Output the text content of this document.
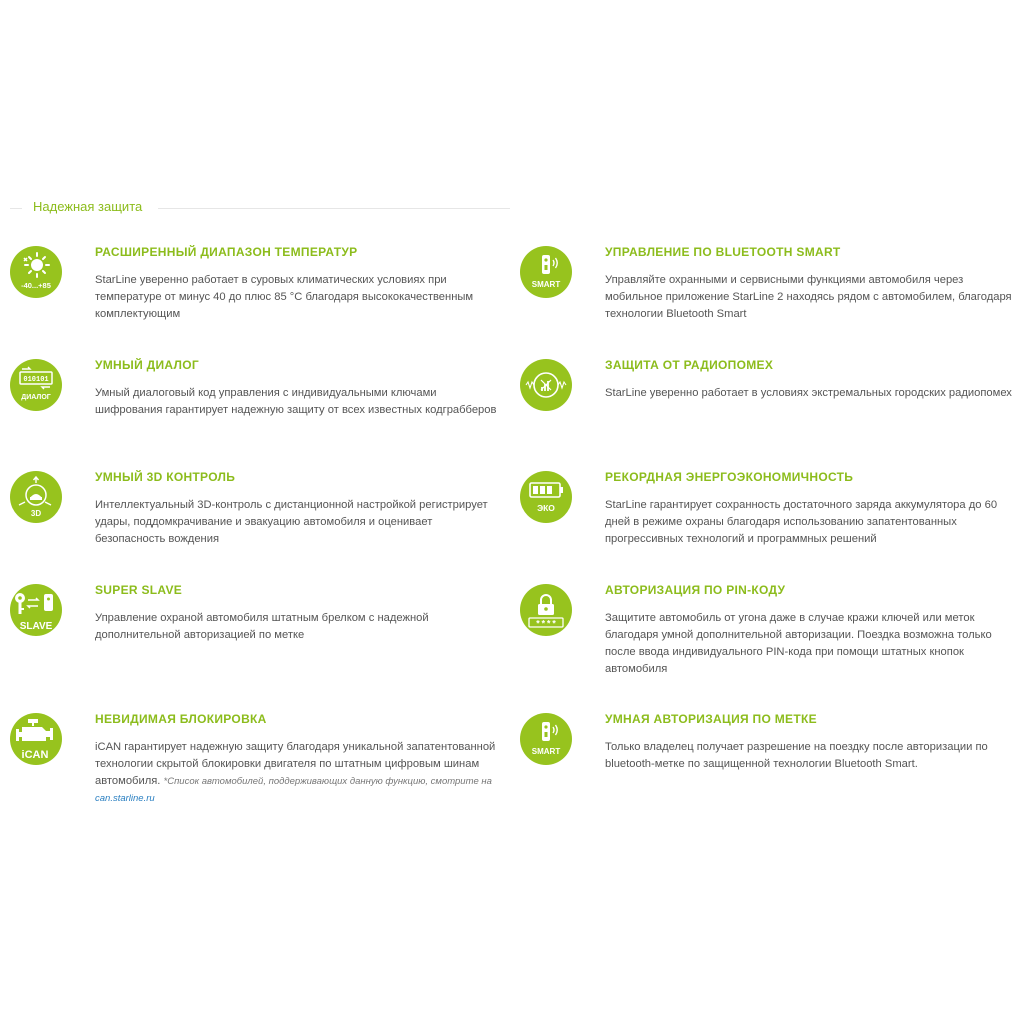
Надежная защита
-40...+85
РАСШИРЕННЫЙ ДИАПАЗОН ТЕМПЕРАТУР
StarLine уверенно работает в суровых климатических условиях при температуре от минус 40 до плюс 85 °C благодаря высококачественным комплектующим
SMART
УПРАВЛЕНИЕ ПО BLUETOOTH SMART
Управляйте охранными и сервисными функциями автомобиля через мобильное приложение StarLine 2 находясь рядом с автомобилем, благодаря технологии Bluetooth Smart
010101
ДИАЛОГ
УМНЫЙ ДИАЛОГ
Умный диалоговый код управления с индивидуальными ключами шифрования гарантирует надежную защиту от всех известных кодграбберов
ЗАЩИТА ОТ РАДИОПОМЕХ
StarLine уверенно работает в условиях экстремальных городских радиопомех
3D
УМНЫЙ 3D КОНТРОЛЬ
Интеллектуальный 3D-контроль с дистанционной настройкой регистрирует удары, поддомкрачивание и эвакуацию автомобиля и оценивает безопасность вождения
ЭКО
РЕКОРДНАЯ ЭНЕРГОЭКОНОМИЧНОСТЬ
StarLine гарантирует сохранность достаточного заряда аккумулятора до 60 дней в режиме охраны благодаря использованию запатентованных прогрессивных технологий и программных решений
SLAVE
SUPER SLAVE
Управление охраной автомобиля штатным брелком с надежной дополнительной авторизацией по метке
****
АВТОРИЗАЦИЯ ПО PIN-КОДУ
Защитите автомобиль от угона даже в случае кражи ключей или меток благодаря умной дополнительной авторизации. Поездка возможна только после ввода индивидуального PIN-кода при помощи штатных кнопок автомобиля
iCAN
НЕВИДИМАЯ БЛОКИРОВКА
iCAN гарантирует надежную защиту благодаря уникальной запатентованной технологии скрытой блокировки двигателя по штатным цифровым шинам автомобиля. *Список автомобилей, поддерживающих данную функцию, смотрите на can.starline.ru
SMART
УМНАЯ АВТОРИЗАЦИЯ ПО МЕТКЕ
Только владелец получает разрешение на поездку после авторизации по bluetooth-метке по защищенной технологии Bluetooth Smart.
